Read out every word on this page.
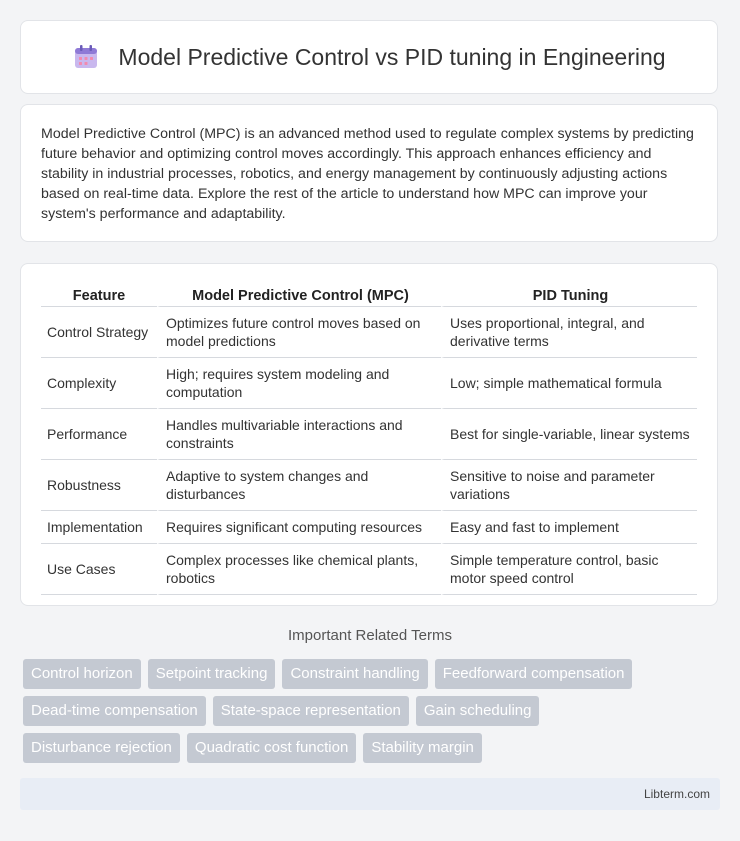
Model Predictive Control vs PID tuning in Engineering

Model Predictive Control (MPC) is an advanced method used to regulate complex systems by predicting future behavior and optimizing control moves accordingly. This approach enhances efficiency and stability in industrial processes, robotics, and energy management by continuously adjusting actions based on real-time data. Explore the rest of the article to understand how MPC can improve your system's performance and adaptability.

Feature	Model Predictive Control (MPC)	PID Tuning
Control Strategy	Optimizes future control moves based on model predictions	Uses proportional, integral, and derivative terms
Complexity	High; requires system modeling and computation	Low; simple mathematical formula
Performance	Handles multivariable interactions and constraints	Best for single-variable, linear systems
Robustness	Adaptive to system changes and disturbances	Sensitive to noise and parameter variations
Implementation	Requires significant computing resources	Easy and fast to implement
Use Cases	Complex processes like chemical plants, robotics	Simple temperature control, basic motor speed control
Important Related Terms
Control horizon	Setpoint tracking	Constraint handling	Feedforward compensation
Dead-time compensation	State-space representation	Gain scheduling
Disturbance rejection	Quadratic cost function	Stability margin
Libterm.com
